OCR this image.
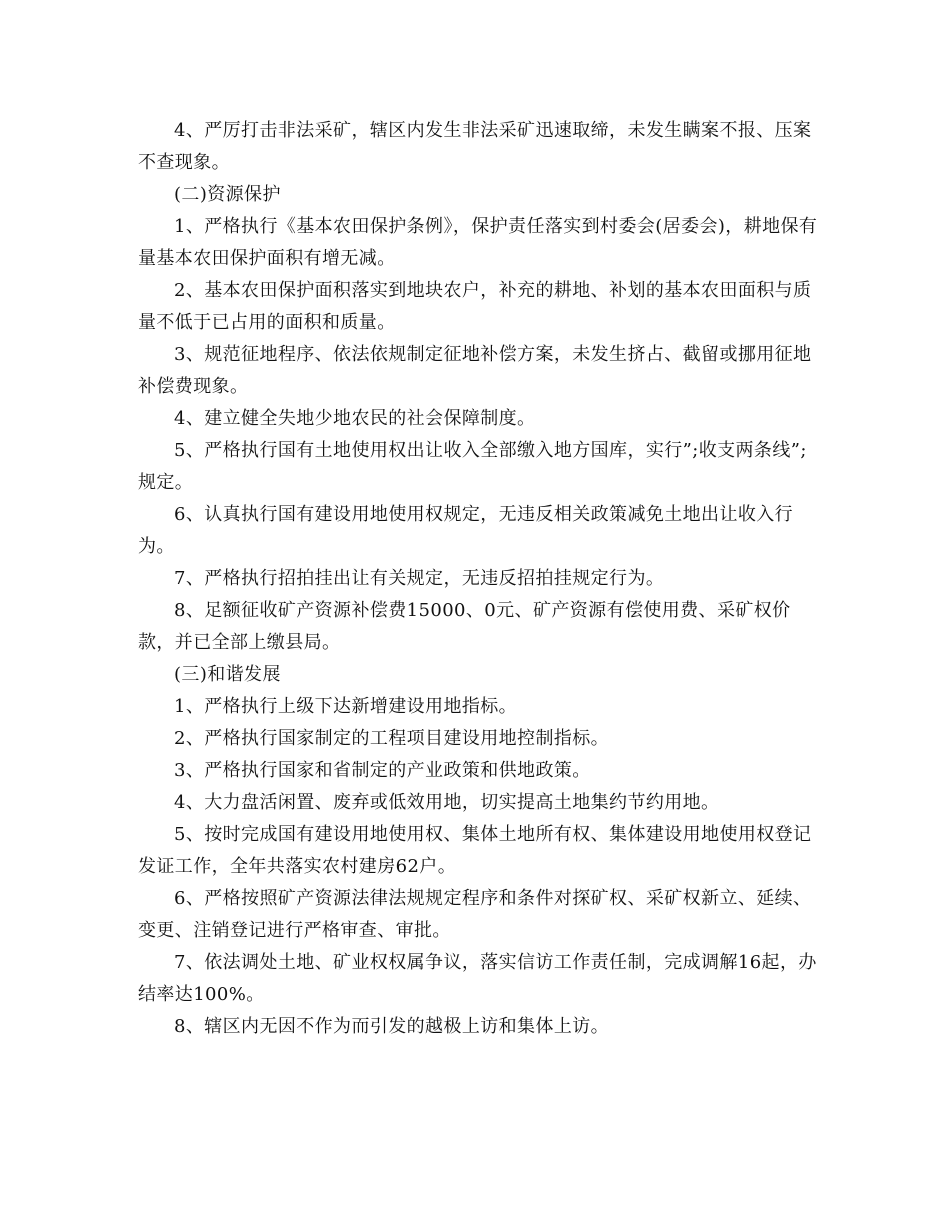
4、严厉打击非法采矿，辖区内发生非法采矿迅速取缔，未发生瞒案不报、压案不查现象。

(二)资源保护

1、严格执行《基本农田保护条例》，保护责任落实到村委会(居委会)，耕地保有量基本农田保护面积有增无减。

2、基本农田保护面积落实到地块农户，补充的耕地、补划的基本农田面积与质量不低于已占用的面积和质量。

3、规范征地程序、依法依规制定征地补偿方案，未发生挤占、截留或挪用征地补偿费现象。

4、建立健全失地少地农民的社会保障制度。

5、严格执行国有土地使用权出让收入全部缴入地方国库，实行”;收支两条线”;规定。

6、认真执行国有建设用地使用权规定，无违反相关政策减免土地出让收入行为。

7、严格执行招拍挂出让有关规定，无违反招拍挂规定行为。

8、足额征收矿产资源补偿费15000、0元、矿产资源有偿使用费、采矿权价款，并已全部上缴县局。

(三)和谐发展

1、严格执行上级下达新增建设用地指标。

2、严格执行国家制定的工程项目建设用地控制指标。

3、严格执行国家和省制定的产业政策和供地政策。

4、大力盘活闲置、废弃或低效用地，切实提高土地集约节约用地。

5、按时完成国有建设用地使用权、集体土地所有权、集体建设用地使用权登记发证工作，全年共落实农村建房62户。

6、严格按照矿产资源法律法规规定程序和条件对探矿权、采矿权新立、延续、变更、注销登记进行严格审查、审批。

7、依法调处土地、矿业权权属争议，落实信访工作责任制，完成调解16起，办结率达100%。

8、辖区内无因不作为而引发的越极上访和集体上访。
